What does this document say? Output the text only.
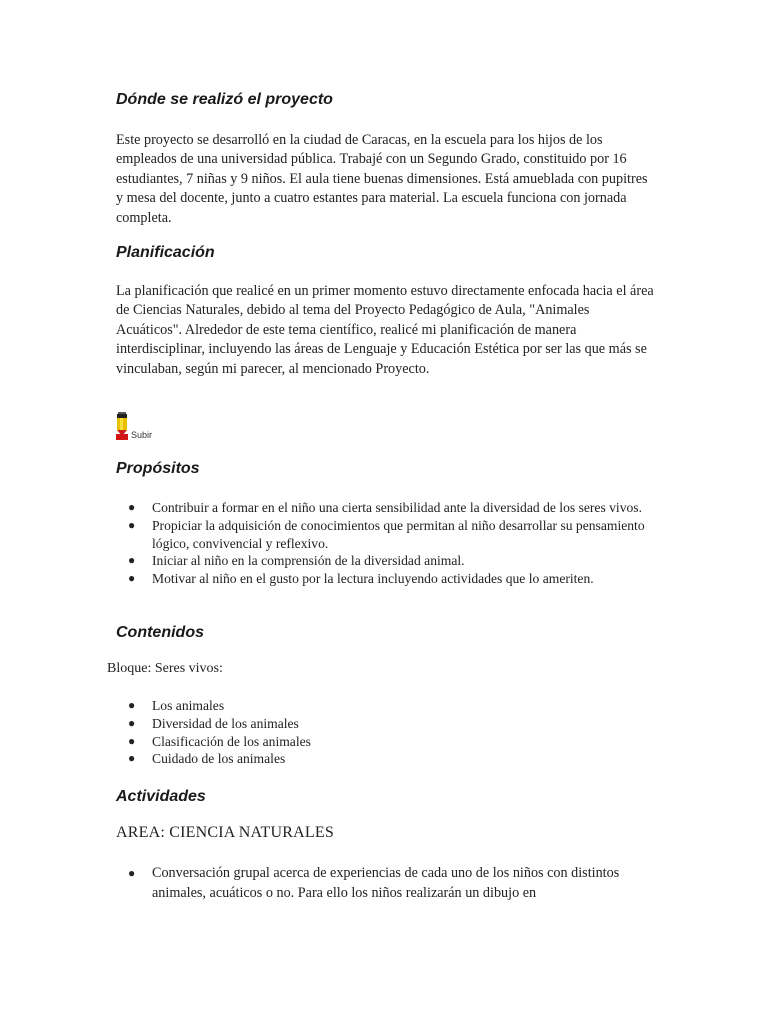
Dónde se realizó el proyecto

Este proyecto se desarrolló en la ciudad de Caracas, en la escuela para los hijos de los empleados de una universidad pública. Trabajé con un Segundo Grado, constituido por 16 estudiantes, 7 niñas y 9 niños. El aula tiene buenas dimensiones. Está amueblada con pupitres y mesa del docente, junto a cuatro estantes para material. La escuela funciona con jornada completa.

Planificación

La planificación que realicé en un primer momento estuvo directamente enfocada hacia el área de Ciencias Naturales, debido al tema del Proyecto Pedagógico de Aula, "Animales Acuáticos". Alrededor de este tema científico, realicé mi planificación de manera interdisciplinar, incluyendo las áreas de Lenguaje y Educación Estética por ser las que más se vinculaban, según mi parecer, al mencionado Proyecto.

Subir
Propósitos
● Contribuir a formar en el niño una cierta sensibilidad ante la diversidad de los seres vivos.
● Propiciar la adquisición de conocimientos que permitan al niño desarrollar su pensamiento lógico, convivencial y reflexivo.
● Iniciar al niño en la comprensión de la diversidad animal.
● Motivar al niño en el gusto por la lectura incluyendo actividades que lo ameriten.
Contenidos

Bloque: Seres vivos:

● Los animales
● Diversidad de los animales
● Clasificación de los animales
● Cuidado de los animales
Actividades

AREA: CIENCIA NATURALES

● Conversación grupal acerca de experiencias de cada uno de los niños con distintos animales, acuáticos o no. Para ello los niños realizarán un dibujo en
